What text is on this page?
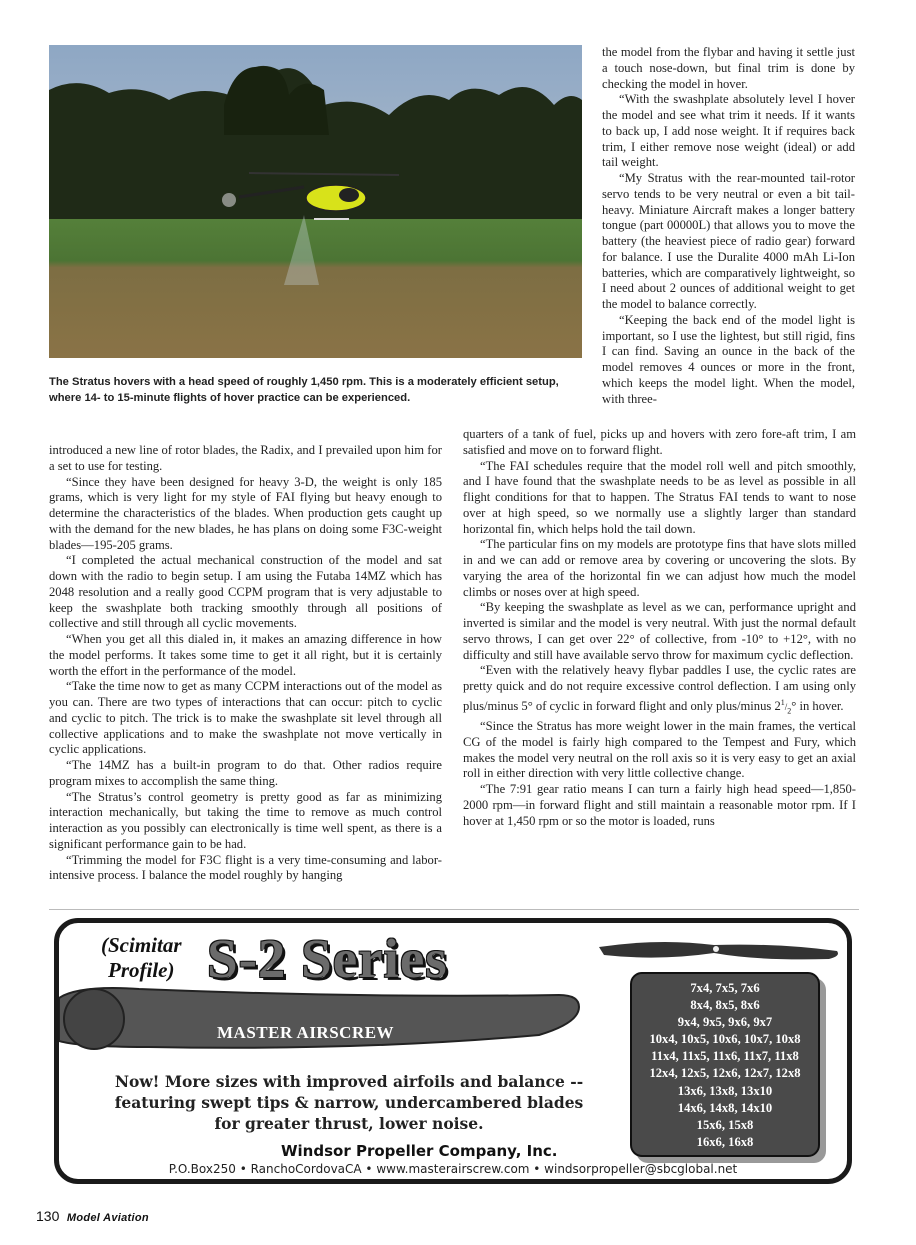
The Stratus hovers with a head speed of roughly 1,450 rpm. This is a moderately efficient setup, where 14- to 15-minute flights of hover practice can be experienced.

the model from the flybar and having it settle just a touch nose-down, but final trim is done by checking the model in hover.

“With the swashplate absolutely level I hover the model and see what trim it needs. If it wants to back up, I add nose weight. It if requires back trim, I either remove nose weight (ideal) or add tail weight.

“My Stratus with the rear-mounted tail-rotor servo tends to be very neutral or even a bit tail-heavy. Miniature Aircraft makes a longer battery tongue (part 00000L) that allows you to move the battery (the heaviest piece of radio gear) forward for balance. I use the Duralite 4000 mAh Li-Ion batteries, which are comparatively lightweight, so I need about 2 ounces of additional weight to get the model to balance correctly.

“Keeping the back end of the model light is important, so I use the lightest, but still rigid, fins I can find. Saving an ounce in the back of the model removes 4 ounces or more in the front, which keeps the model light. When the model, with three-

introduced a new line of rotor blades, the Radix, and I prevailed upon him for a set to use for testing.

“Since they have been designed for heavy 3-D, the weight is only 185 grams, which is very light for my style of FAI flying but heavy enough to determine the characteristics of the blades. When production gets caught up with the demand for the new blades, he has plans on doing some F3C-weight blades—195-205 grams.

“I completed the actual mechanical construction of the model and sat down with the radio to begin setup. I am using the Futaba 14MZ which has 2048 resolution and a really good CCPM program that is very adjustable to keep the swashplate both tracking smoothly through all positions of collective and still through all cyclic movements.

“When you get all this dialed in, it makes an amazing difference in how the model performs. It takes some time to get it all right, but it is certainly worth the effort in the performance of the model.

“Take the time now to get as many CCPM interactions out of the model as you can. There are two types of interactions that can occur: pitch to cyclic and cyclic to pitch. The trick is to make the swashplate sit level through all collective applications and to make the swashplate not move vertically in cyclic applications.

“The 14MZ has a built-in program to do that. Other radios require program mixes to accomplish the same thing.

“The Stratus’s control geometry is pretty good as far as minimizing interaction mechanically, but taking the time to remove as much control interaction as you possibly can electronically is time well spent, as there is a significant performance gain to be had.

“Trimming the model for F3C flight is a very time-consuming and labor-intensive process. I balance the model roughly by hanging

quarters of a tank of fuel, picks up and hovers with zero fore-aft trim, I am satisfied and move on to forward flight.

“The FAI schedules require that the model roll well and pitch smoothly, and I have found that the swashplate needs to be as level as possible in all flight conditions for that to happen. The Stratus FAI tends to want to nose over at high speed, so we normally use a slightly larger than standard horizontal fin, which helps hold the tail down.

“The particular fins on my models are prototype fins that have slots milled in and we can add or remove area by covering or uncovering the slots. By varying the area of the horizontal fin we can adjust how much the model climbs or noses over at high speed.

“By keeping the swashplate as level as we can, performance upright and inverted is similar and the model is very neutral. With just the normal default servo throws, I can get over 22° of collective, from -10° to +12°, with no difficulty and still have available servo throw for maximum cyclic deflection.

“Even with the relatively heavy flybar paddles I use, the cyclic rates are pretty quick and do not require excessive control deflection. I am using only plus/minus 5° of cyclic in forward flight and only plus/minus $2^1/_2^\circ$ in hover.

“Since the Stratus has more weight lower in the main frames, the vertical CG of the model is fairly high compared to the Tempest and Fury, which makes the model very neutral on the roll axis so it is very easy to get an axial roll in either direction with very little collective change.

“The 7:91 gear ratio means I can turn a fairly high head speed—1,850-2000 rpm—in forward flight and still maintain a reasonable motor rpm. If I hover at 1,450 rpm or so the motor is loaded, runs

(Scimitar
Profile) S-2 Series
MASTER AIRSCREW
Now! More sizes with improved airfoils and balance --
featuring swept tips & narrow, undercambered blades
for greater thrust, lower noise.
Windsor Propeller Company, Inc.
P.O.Box250 • RanchoCordovaCA • www.masterairscrew.com • windsorpropeller@sbcglobal.net
7x4, 7x5, 7x6
8x4, 8x5, 8x6
9x4, 9x5, 9x6, 9x7
10x4, 10x5, 10x6, 10x7, 10x8
11x4, 11x5, 11x6, 11x7, 11x8
12x4, 12x5, 12x6, 12x7, 12x8
13x6, 13x8, 13x10
14x6, 14x8, 14x10
15x6, 15x8
16x6, 16x8
130 Model Aviation
